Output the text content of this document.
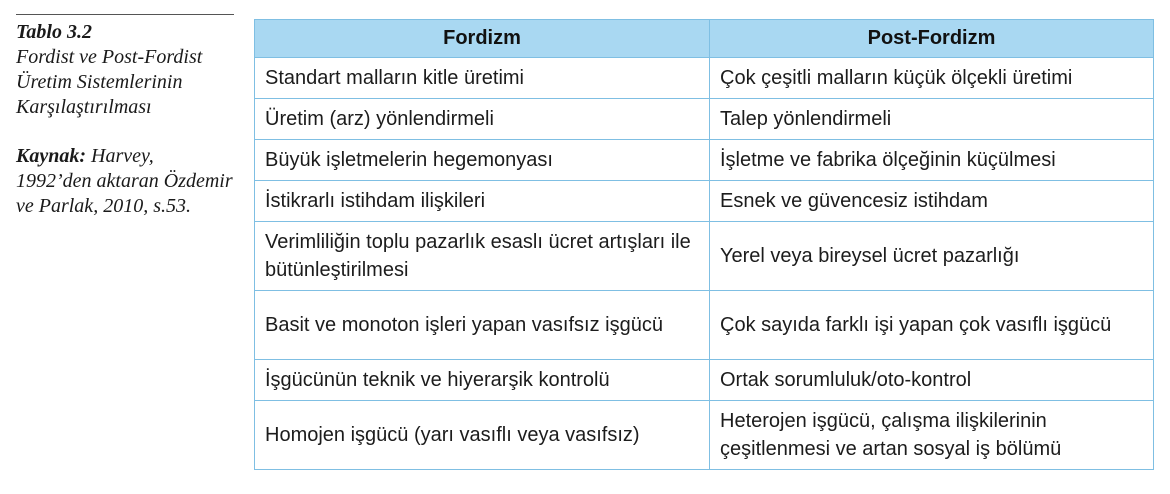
Tablo 3.2
Fordist ve Post-Fordist Üretim Sistemlerinin Karşılaştırılması
Kaynak: Harvey, 1992’den aktaran Özdemir ve Parlak, 2010, s.53.
Fordizm	Post-Fordizm
Standart malların kitle üretimi	Çok çeşitli malların küçük ölçekli üretimi
Üretim (arz) yönlendirmeli	Talep yönlendirmeli
Büyük işletmelerin hegemonyası	İşletme ve fabrika ölçeğinin küçülmesi
İstikrarlı istihdam ilişkileri	Esnek ve güvencesiz istihdam
Verimliliğin toplu pazarlık esaslı ücret artışları ile bütünleştirilmesi	Yerel veya bireysel ücret pazarlığı
Basit ve monoton işleri yapan vasıfsız işgücü	Çok sayıda farklı işi yapan çok vasıflı işgücü
İşgücünün teknik ve hiyerarşik kontrolü	Ortak sorumluluk/oto-kontrol
Homojen işgücü (yarı vasıflı veya vasıfsız)	Heterojen işgücü, çalışma ilişkilerinin çeşitlenmesi ve artan sosyal iş bölümü
